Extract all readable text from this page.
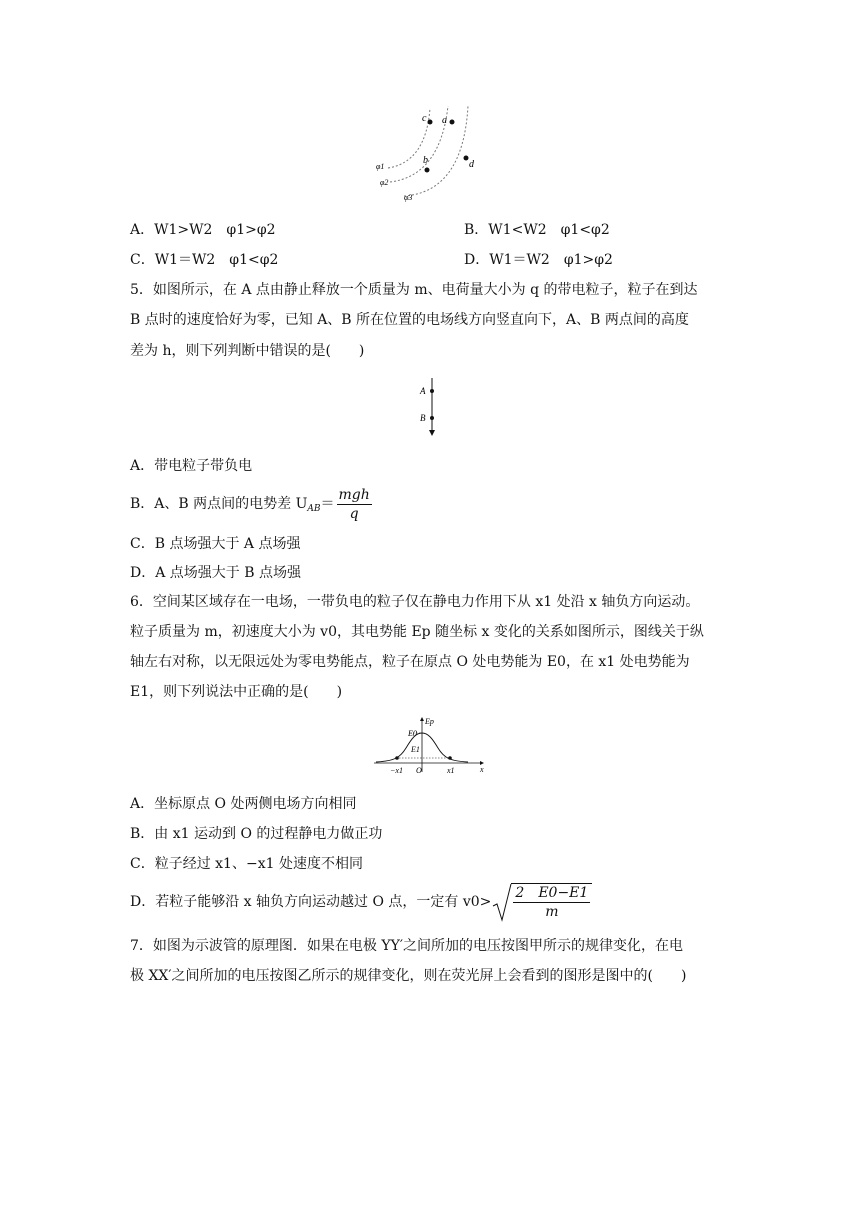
c a
b	d
φ1
φ2
φ3
A．W1>W2　φ1>φ2	B．W1<W2　φ1<φ2
C．W1＝W2　φ1<φ2	D．W1＝W2　φ1>φ2
5．如图所示，在 A 点由静止释放一个质量为 m、电荷量大小为 q 的带电粒子，粒子在到达
B 点时的速度恰好为零，已知 A、B 所在位置的电场线方向竖直向下，A、B 两点间的高度
差为 h，则下列判断中错误的是(　　)
A
B
A．带电粒子带负电
B．A、B 两点间的电势差 $U_{AB}= \frac{\text{mgh}}{q}$
C．B 点场强大于 A 点场强
D．A 点场强大于 B 点场强
6．空间某区域存在一电场，一带负电的粒子仅在静电力作用下从 x1 处沿 x 轴负方向运动。
粒子质量为 m，初速度大小为 v0，其电势能 Ep 随坐标 x 变化的关系如图所示，图线关于纵
轴左右对称，以无限远处为零电势能点，粒子在原点 O 处电势能为 E0，在 x1 处电势能为
E1，则下列说法中正确的是(　　)
Ep
E0
E1
−x1 O	x1	x
A．坐标原点 O 处两侧电场方向相同
B．由 x1 运动到 O 的过程静电力做正功
C．粒子经过 x1、−x1 处速度不相同
D．若粒子能够沿 x 轴负方向运动越过 O 点，一定有 $v0> \frac{2 E0-E1}{m}$
7．如图为示波管的原理图．如果在电极 YY′之间所加的电压按图甲所示的规律变化，在电
极 XX′之间所加的电压按图乙所示的规律变化，则在荧光屏上会看到的图形是图中的(　　)
